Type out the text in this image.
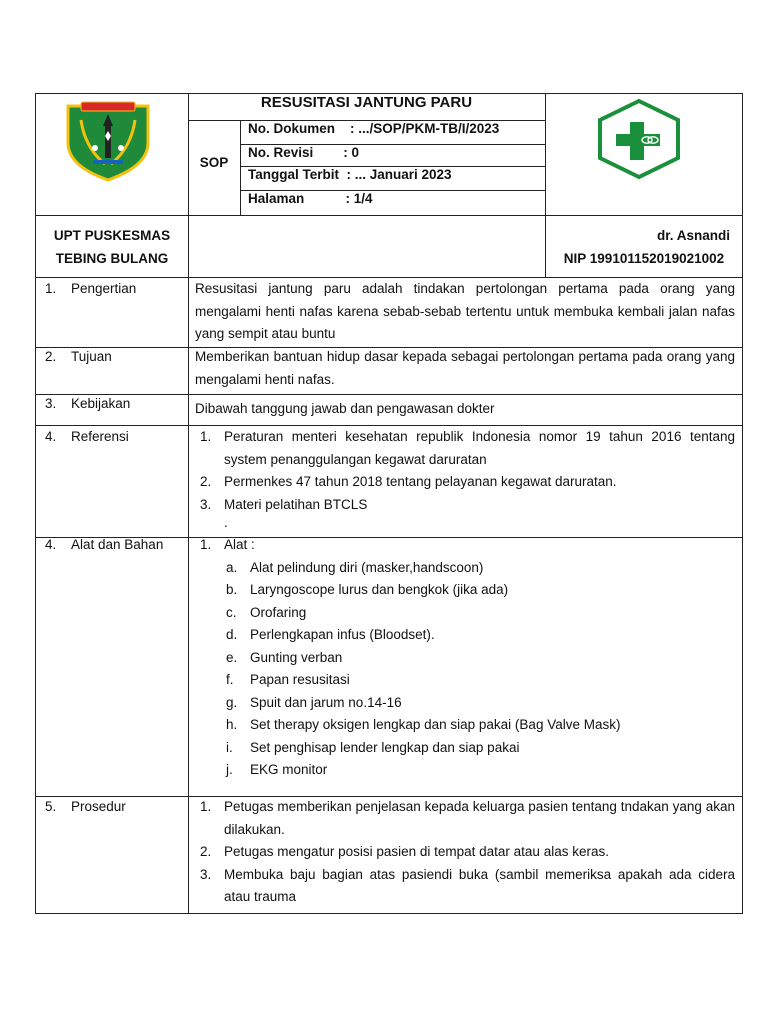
RESUSITASI JANTUNG PARU
SOP
No. Dokumen    : .../SOP/PKM-TB/I/2023
No. Revisi        : 0
Tanggal Terbit  : ... Januari 2023
Halaman           : 1/4
UPT PUSKESMAS
TEBING BULANG
dr. Asnandi
NIP 199101152019021002
1. Pengertian	Resusitasi jantung paru adalah tindakan pertolongan pertama pada orang yang mengalami henti nafas karena sebab-sebab tertentu untuk membuka kembali jalan nafas yang sempit atau buntu
2. Tujuan	Memberikan bantuan hidup dasar kepada sebagai pertolongan pertama pada orang yang mengalami henti nafas.
3. Kebijakan	Dibawah tanggung jawab dan pengawasan dokter
4. Referensi	1. Peraturan menteri kesehatan republik Indonesia nomor 19 tahun 2016 tentang system penanggulangan kegawat daruratan
2. Permenkes 47 tahun 2018 tentang pelayanan kegawat daruratan.
3. Materi pelatihan BTCLS
.
4. Alat dan Bahan	1. Alat :
a. Alat pelindung diri (masker,handscoon)
b. Laryngoscope lurus dan bengkok (jika ada)
c. Orofaring
d. Perlengkapan infus (Bloodset).
e. Gunting verban
f.	Papan resusitasi
g. Spuit dan jarum no.14-16
h. Set therapy oksigen lengkap dan siap pakai (Bag Valve Mask)
i.	Set penghisap lender lengkap dan siap pakai
j.	EKG monitor
5. Prosedur	1. Petugas memberikan penjelasan kepada keluarga pasien tentang tndakan yang akan dilakukan.
2. Petugas mengatur posisi pasien di tempat datar atau alas keras.
3. Membuka baju bagian atas pasiendi buka (sambil memeriksa apakah ada cidera atau trauma
